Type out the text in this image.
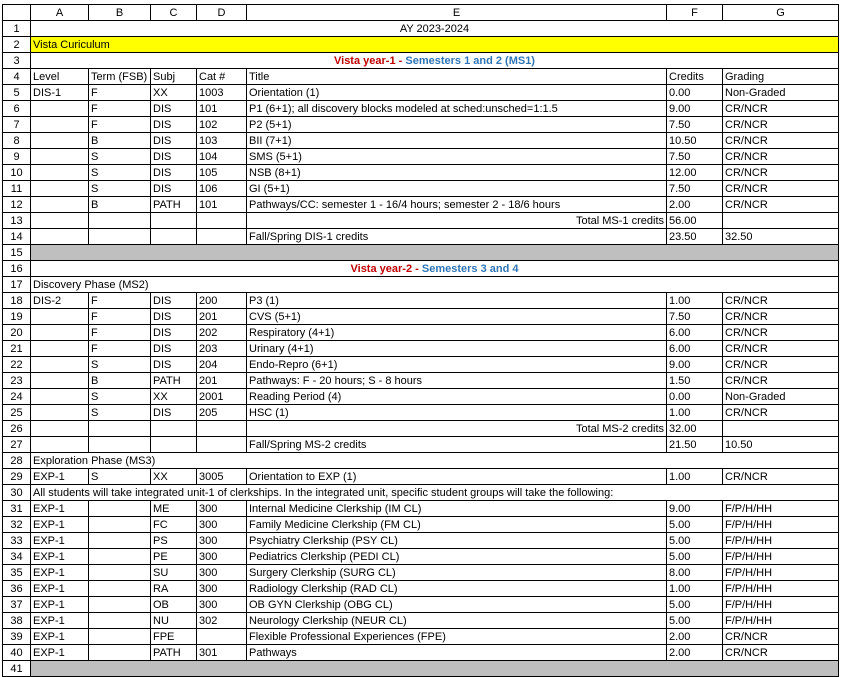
	A	B	C	D	E	F	G
1	AY 2023-2024						
2	Vista Curiculum						
3	Vista year-1 - Semesters 1 and 2 (MS1)						
4	Level	Term (FSB)	Subj	Cat #	Title	Credits	Grading
5	DIS-1	F	XX	1003	Orientation (1)	0.00	Non-Graded
6		F	DIS	101	P1 (6+1); all discovery blocks modeled at sched:unsched=1:1.5	9.00	CR/NCR
7		F	DIS	102	P2 (5+1)	7.50	CR/NCR
8		B	DIS	103	BII (7+1)	10.50	CR/NCR
9		S	DIS	104	SMS (5+1)	7.50	CR/NCR
10		S	DIS	105	NSB (8+1)	12.00	CR/NCR
11		S	DIS	106	GI (5+1)	7.50	CR/NCR
12		B	PATH	101	Pathways/CC: semester 1 - 16/4 hours; semester 2 - 18/6 hours	2.00	CR/NCR
13					Total MS-1 credits	56.00	
14					Fall/Spring DIS-1 credits	23.50	32.50
15							
16	Vista year-2 - Semesters 3 and 4						
17	Discovery Phase (MS2)						
18	DIS-2	F	DIS	200	P3 (1)	1.00	CR/NCR
19		F	DIS	201	CVS (5+1)	7.50	CR/NCR
20		F	DIS	202	Respiratory (4+1)	6.00	CR/NCR
21		F	DIS	203	Urinary (4+1)	6.00	CR/NCR
22		S	DIS	204	Endo-Repro (6+1)	9.00	CR/NCR
23		B	PATH	201	Pathways: F - 20 hours; S - 8 hours	1.50	CR/NCR
24		S	XX	2001	Reading Period (4)	0.00	Non-Graded
25		S	DIS	205	HSC (1)	1.00	CR/NCR
26					Total MS-2 credits	32.00	
27					Fall/Spring MS-2 credits	21.50	10.50
28	Exploration Phase (MS3)						
29	EXP-1	S	XX	3005	Orientation to EXP (1)	1.00	CR/NCR
30	All students will take integrated unit-1 of clerkships. In the integrated unit, specific student groups will take the following:						
31	EXP-1		ME	300	Internal Medicine Clerkship (IM CL)	9.00	F/P/H/HH
32	EXP-1		FC	300	Family Medicine Clerkship (FM CL)	5.00	F/P/H/HH
33	EXP-1		PS	300	Psychiatry Clerkship (PSY CL)	5.00	F/P/H/HH
34	EXP-1		PE	300	Pediatrics Clerkship (PEDI CL)	5.00	F/P/H/HH
35	EXP-1		SU	300	Surgery Clerkship (SURG CL)	8.00	F/P/H/HH
36	EXP-1		RA	300	Radiology Clerkship (RAD CL)	1.00	F/P/H/HH
37	EXP-1		OB	300	OB GYN Clerkship (OBG CL)	5.00	F/P/H/HH
38	EXP-1		NU	302	Neurology Clerkship (NEUR CL)	5.00	F/P/H/HH
39	EXP-1		FPE		Flexible Professional Experiences (FPE)	2.00	CR/NCR
40	EXP-1		PATH	301	Pathways	2.00	CR/NCR
41							
